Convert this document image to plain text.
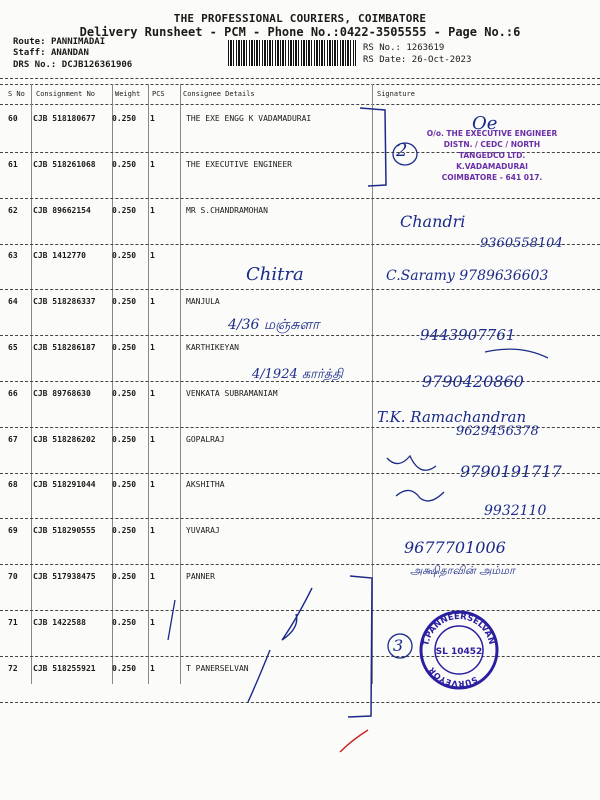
THE PROFESSIONAL COURIERS, COIMBATORE
Delivery Runsheet - PCM - Phone No.:0422-3505555 - Page No.:6
Route: PANNIMADAI
Staff: ANANDAN
DRS No.: DCJB126361906
RS No.: 1263619
RS Date: 26-Oct-2023
S No Consignment No	Weight PCS	Consignee Details	Signature
60 CJB 518180677 0.250 1	THE EXE ENGG K VADAMADURAI
61 CJB 518261068 0.250 1	THE EXECUTIVE ENGINEER
62 CJB 89662154	0.250 1	MR S.CHANDRAMOHAN
63 CJB 1412770	0.250 1
64 CJB 518286337 0.250 1	MANJULA
65 CJB 518286187 0.250 1	KARTHIKEYAN
66 CJB 89768630	0.250 1	VENKATA SUBRAMANIAM
67 CJB 518286202 0.250 1	GOPALRAJ
68 CJB 518291044 0.250 1	AKSHITHA
69 CJB 518290555 0.250 1	YUVARAJ
70 CJB 517938475 0.250 1	PANNER
71 CJB 1422588	0.250 1
72 CJB 518255921 0.250 1	T PANERSELVAN
O/o. THE EXECUTIVE ENGINEER
DISTN. / CEDC / NORTH
TANGEDCO LTD.
K.VADAMADURAI
COIMBATORE - 641 017.
Oe
2
Chandri
9360558104
Chitra	C.Saramy 9789636603
4/36 மஞ்சுளா
9443907761
4/1924 கார்த்தி	9790420860
T.K. Ramachandran
9629456378
9790191717
9932110
9677701006
அக்ஷிதாவின் அம்மா
3 T.PANNEERSELVAN
SURVEYOR
SL 10452
